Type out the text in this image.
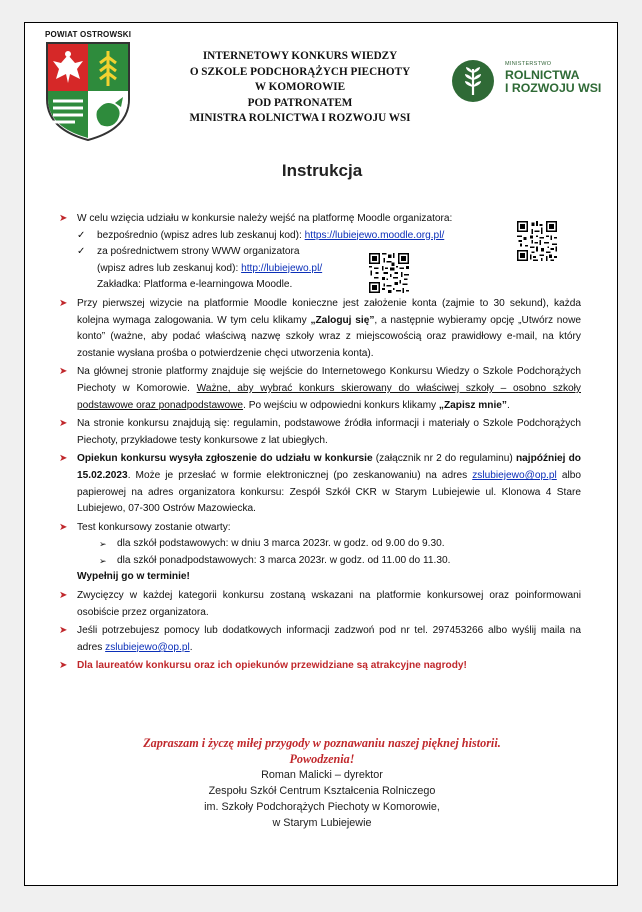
POWIAT OSTROWSKI
INTERNETOWY KONKURS WIEDZY
O SZKOLE PODCHORĄŻYCH PIECHOTY
W KOMOROWIE
POD PATRONATEM
MINISTRA ROLNICTWA I ROZWOJU WSI
MINISTERSTWO
ROLNICTWA
I ROZWOJU WSI
Instrukcja
➤ W celu wzięcia udziału w konkursie należy wejść na platformę Moodle organizatora:
✓ bezpośrednio (wpisz adres lub zeskanuj kod): https://lubiejewo.moodle.org.pl/
✓ za pośrednictwem strony WWW organizatora
(wpisz adres lub zeskanuj kod): http://lubiejewo.pl/
Zakładka: Platforma e-learningowa Moodle.
➤ Przy pierwszej wizycie na platformie Moodle konieczne jest założenie konta (zajmie to 30 sekund), każda kolejna wymaga zalogowania. W tym celu klikamy „Zaloguj się”, a następnie wybieramy opcję „Utwórz nowe konto” (ważne, aby podać właściwą nazwę szkoły wraz z miejscowością oraz prawidłowy e-mail, na który zostanie wysłana prośba o potwierdzenie chęci utworzenia konta).
➤ Na głównej stronie platformy znajduje się wejście do Internetowego Konkursu Wiedzy o Szkole Podchorążych Piechoty w Komorowie. Ważne, aby wybrać konkurs skierowany do właściwej szkoły – osobno szkoły podstawowe oraz ponadpodstawowe. Po wejściu w odpowiedni konkurs klikamy „Zapisz mnie”.
➤ Na stronie konkursu znajdują się: regulamin, podstawowe źródła informacji i materiały o Szkole Podchorążych Piechoty, przykładowe testy konkursowe z lat ubiegłych.
➤ Opiekun konkursu wysyła zgłoszenie do udziału w konkursie (załącznik nr 2 do regulaminu) najpóźniej do 15.02.2023. Może je przesłać w formie elektronicznej (po zeskanowaniu) na adres zslubiejewo@op.pl albo papierowej na adres organizatora konkursu: Zespół Szkół CKR w Starym Lubiejewie ul. Klonowa 4 Stare Lubiejewo, 07-300 Ostrów Mazowiecka.
➤ Test konkursowy zostanie otwarty:
➢ dla szkół podstawowych: w dniu 3 marca 2023r. w godz. od 9.00 do 9.30.
➢ dla szkół ponadpodstawowych: 3 marca 2023r. w godz. od 11.00 do 11.30.
Wypełnij go w terminie!
➤ Zwycięzcy w każdej kategorii konkursu zostaną wskazani na platformie konkursowej oraz poinformowani osobiście przez organizatora.
➤ Jeśli potrzebujesz pomocy lub dodatkowych informacji zadzwoń pod nr tel. 297453266 albo wyślij maila na adres zslubiejewo@op.pl.
➤ Dla laureatów konkursu oraz ich opiekunów przewidziane są atrakcyjne nagrody!
Zapraszam i życzę miłej przygody w poznawaniu naszej pięknej historii.
Powodzenia!
Roman Malicki – dyrektor
Zespołu Szkół Centrum Kształcenia Rolniczego
im. Szkoły Podchorążych Piechoty w Komorowie,
w Starym Lubiejewie
